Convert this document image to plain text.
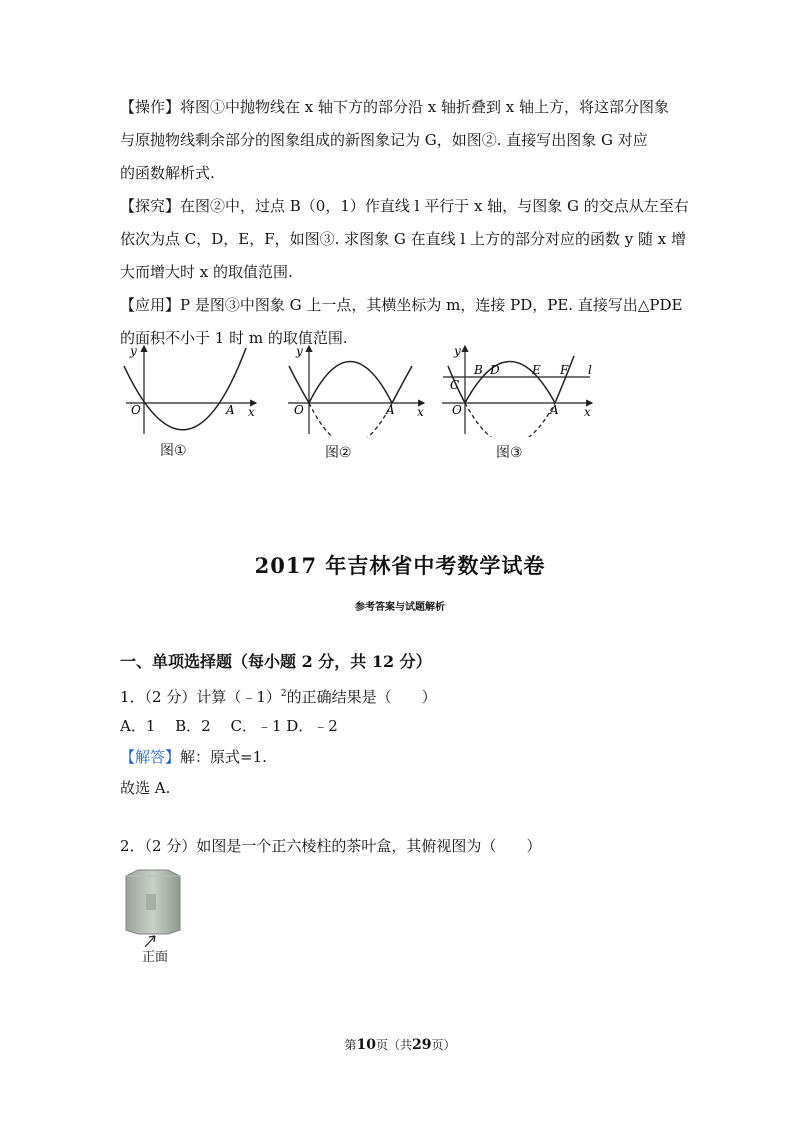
【操作】将图①中抛物线在 x 轴下方的部分沿 x 轴折叠到 x 轴上方，将这部分图象
与原抛物线剩余部分的图象组成的新图象记为 G，如图②. 直接写出图象 G 对应
的函数解析式.
【探究】在图②中，过点 B（0，1）作直线 l 平行于 x 轴，与图象 G 的交点从左至右
依次为点 C，D，E，F，如图③. 求图象 G 在直线 l 上方的部分对应的函数 y 随 x 增
大而增大时 x 的取值范围.
【应用】P 是图③中图象 G 上一点，其横坐标为 m，连接 PD，PE. 直接写出△PDE
的面积不小于 1 时 m 的取值范围.
y
x
O	A
图①
y
x
O	A
图②
y
x
O	A
B
C
D	E F l
图③
2017 年吉林省中考数学试卷
参考答案与试题解析
一、单项选择题（每小题 2 分，共 12 分）
1．（2 分）计算（﹣1）$^2$的正确结果是（　　）
A．1　 B．2　 C．﹣1 D．﹣2
【解答】解：原式=1.
故选 A.
2．（2 分）如图是一个正六棱柱的茶叶盒，其俯视图为（　　）
正面
第10页（共29页）
